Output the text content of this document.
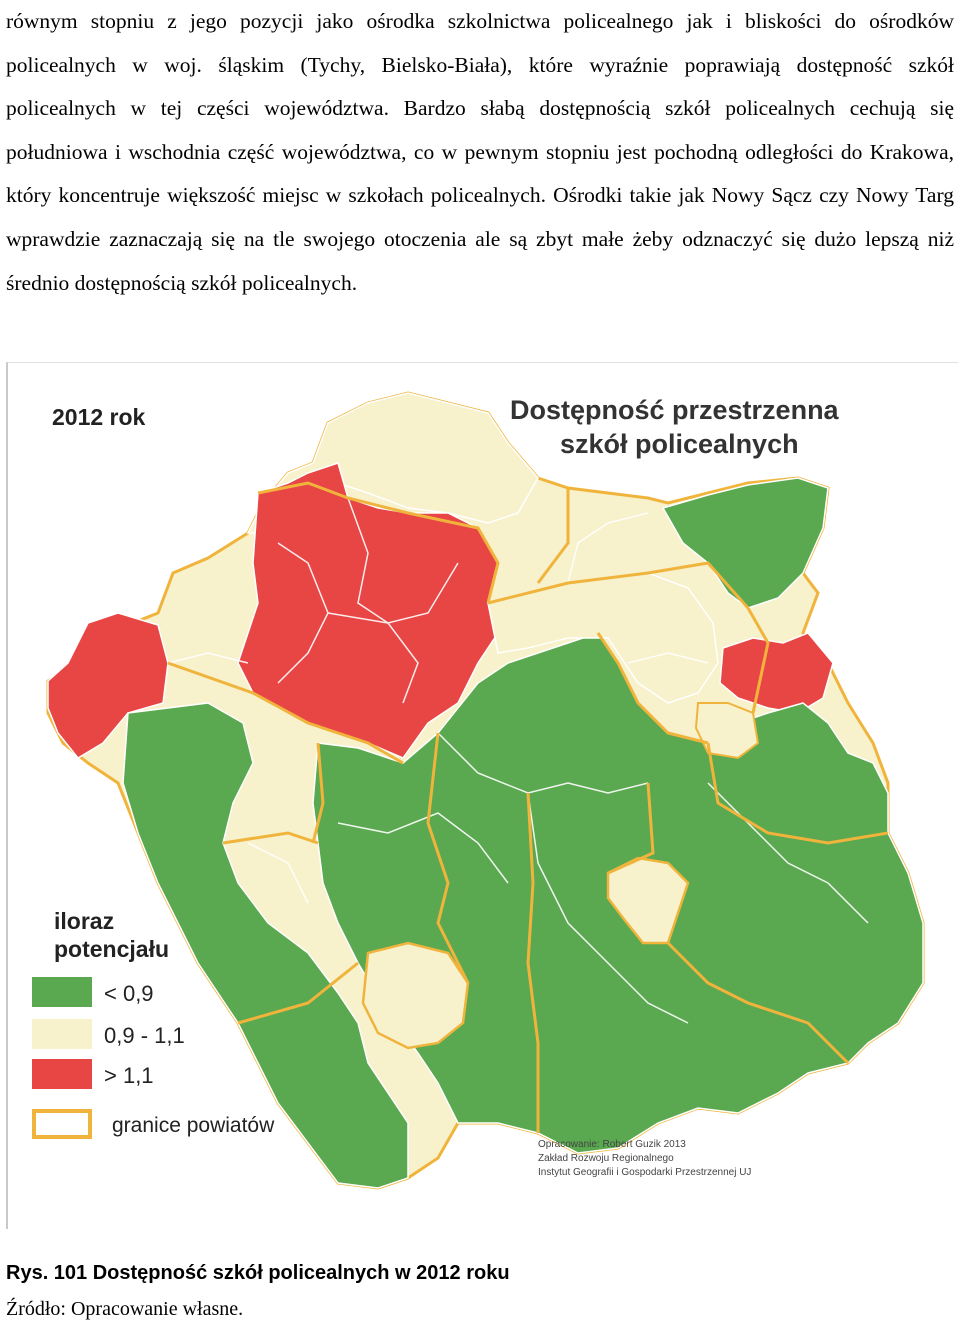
równym stopniu z jego pozycji jako ośrodka szkolnictwa policealnego jak i bliskości do ośrodków policealnych w woj. śląskim (Tychy, Bielsko-Biała), które wyraźnie poprawiają dostępność szkół policealnych w tej części województwa. Bardzo słabą dostępnością szkół policealnych cechują się południowa i wschodnia część województwa, co w pewnym stopniu jest pochodną odległości do Krakowa, który koncentruje większość miejsc w szkołach policealnych. Ośrodki takie jak Nowy Sącz czy Nowy Targ wprawdzie zaznaczają się na tle swojego otoczenia ale są zbyt małe żeby odznaczyć się dużo lepszą niż średnio dostępnością szkół policealnych.

2012 rok	Dostępność przestrzenna
szkół policealnych
iloraz
potencjału
< 0,9
0,9 - 1,1
> 1,1
granice powiatów
Opracowanie: Robert Guzik 2013
Zakład Rozwoju Regionalnego
Instytut Geografii i Gospodarki Przestrzennej UJ
Rys. 101 Dostępność szkół policealnych w 2012 roku
Źródło: Opracowanie własne.
